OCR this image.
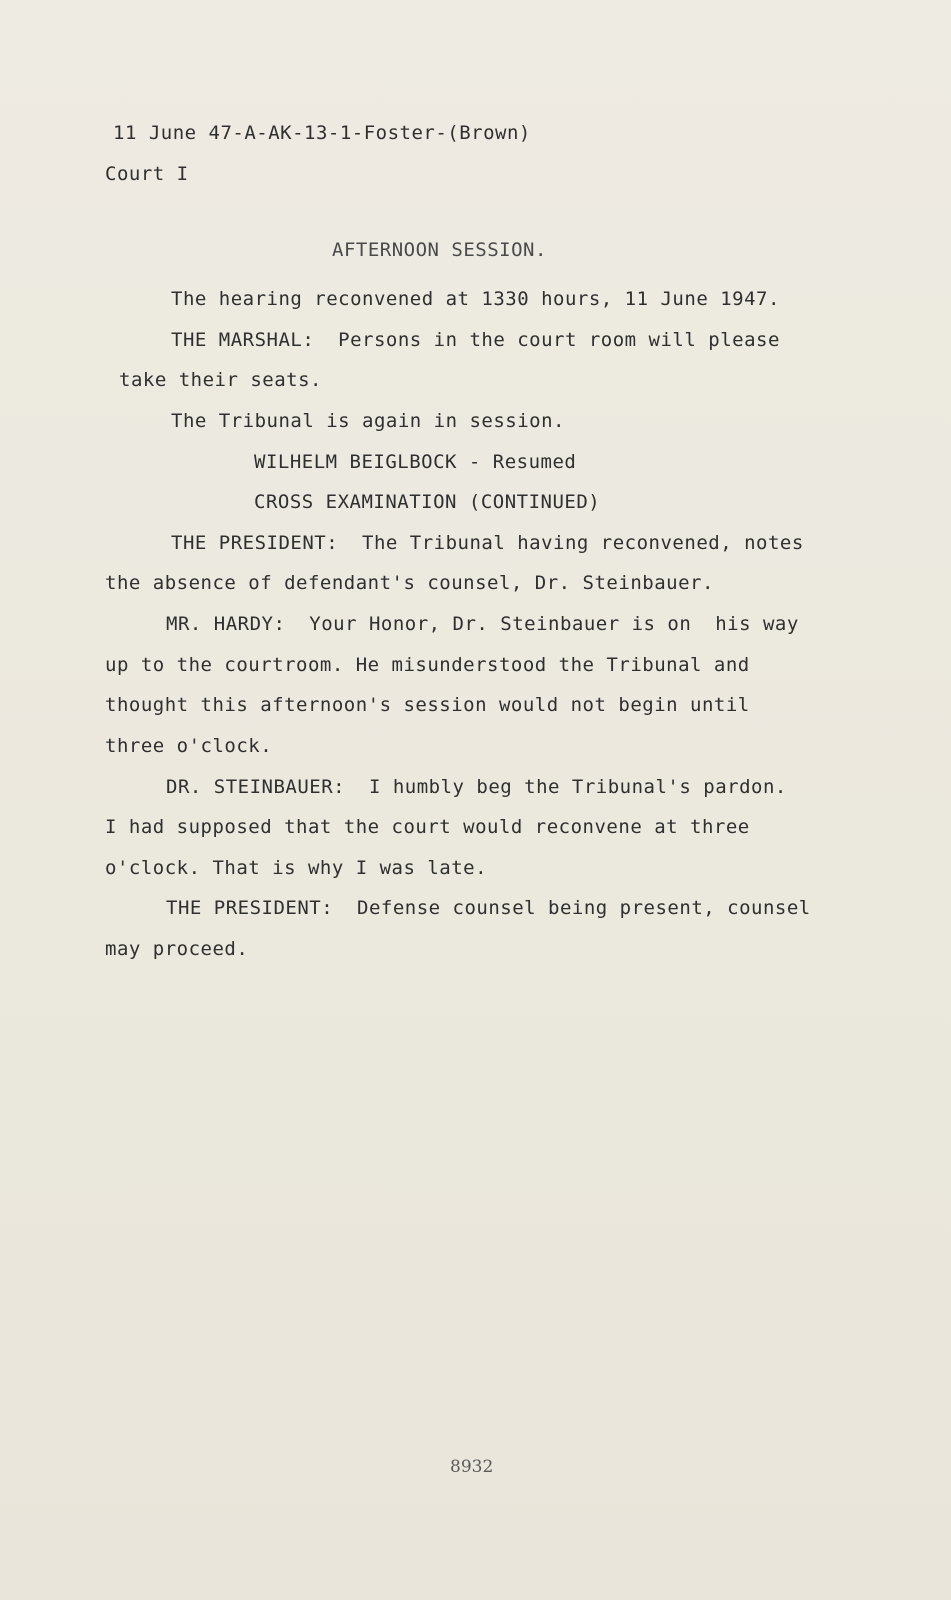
11 June 47-A-AK-13-1-Foster-(Brown)
Court I
AFTERNOON SESSION.
The hearing reconvened at 1330 hours, 11 June 1947.
THE MARSHAL:  Persons in the court room will please
take their seats.
The Tribunal is again in session.
WILHELM BEIGLBOCK - Resumed
CROSS EXAMINATION (CONTINUED)
THE PRESIDENT:  The Tribunal having reconvened, notes
the absence of defendant's counsel, Dr. Steinbauer.
MR. HARDY:  Your Honor, Dr. Steinbauer is on  his way
up to the courtroom. He misunderstood the Tribunal and
thought this afternoon's session would not begin until
three o'clock.
DR. STEINBAUER:  I humbly beg the Tribunal's pardon.
I had supposed that the court would reconvene at three
o'clock. That is why I was late.
THE PRESIDENT:  Defense counsel being present, counsel
may proceed.
8932
